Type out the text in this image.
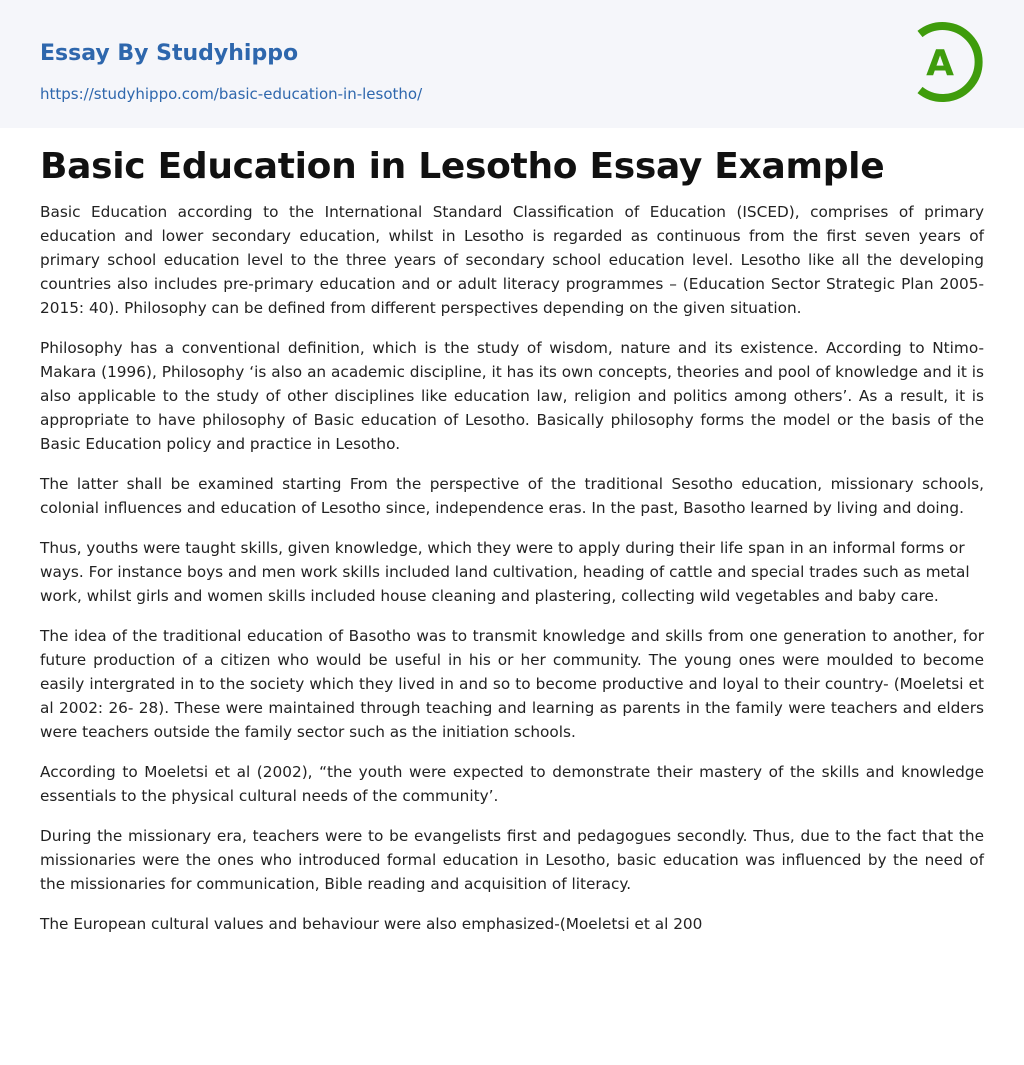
Essay By Studyhippo

https://studyhippo.com/basic-education-in-lesotho/
A
Basic Education in Lesotho Essay Example

Basic Education according to the International Standard Classification of Education (ISCED), comprises of primary education and lower secondary education, whilst in Lesotho is regarded as continuous from the first seven years of primary school education level to the three years of secondary school education level. Lesotho like all the developing countries also includes pre-primary education and or adult literacy programmes – (Education Sector Strategic Plan 2005-2015: 40). Philosophy can be defined from different perspectives depending on the given situation.

Philosophy has a conventional definition, which is the study of wisdom, nature and its existence. According to Ntimo-Makara (1996), Philosophy ‘is also an academic discipline, it has its own concepts, theories and pool of knowledge and it is also applicable to the study of other disciplines like education law, religion and politics among others’. As a result, it is appropriate to have philosophy of Basic education of Lesotho. Basically philosophy forms the model or the basis of the Basic Education policy and practice in Lesotho.

The latter shall be examined starting From the perspective of the traditional Sesotho education, missionary schools, colonial influences and education of Lesotho since, independence eras. In the past, Basotho learned by living and doing.

Thus, youths were taught skills, given knowledge, which they were to apply during their life span in an informal forms or ways. For instance boys and men work skills included land cultivation, heading of cattle and special trades such as metal work, whilst girls and women skills included house cleaning and plastering, collecting wild vegetables and baby care.

The idea of the traditional education of Basotho was to transmit knowledge and skills from one generation to another, for future production of a citizen who would be useful in his or her community. The young ones were moulded to become easily intergrated in to the society which they lived in and so to become productive and loyal to their country- (Moeletsi et al 2002: 26- 28). These were maintained through teaching and learning as parents in the family were teachers and elders were teachers outside the family sector such as the initiation schools.

According to Moeletsi et al (2002), “the youth were expected to demonstrate their mastery of the skills and knowledge essentials to the physical cultural needs of the community’.

During the missionary era, teachers were to be evangelists first and pedagogues secondly. Thus, due to the fact that the missionaries were the ones who introduced formal education in Lesotho, basic education was influenced by the need of the missionaries for communication, Bible reading and acquisition of literacy.

The European cultural values and behaviour were also emphasized-(Moeletsi et al 200
